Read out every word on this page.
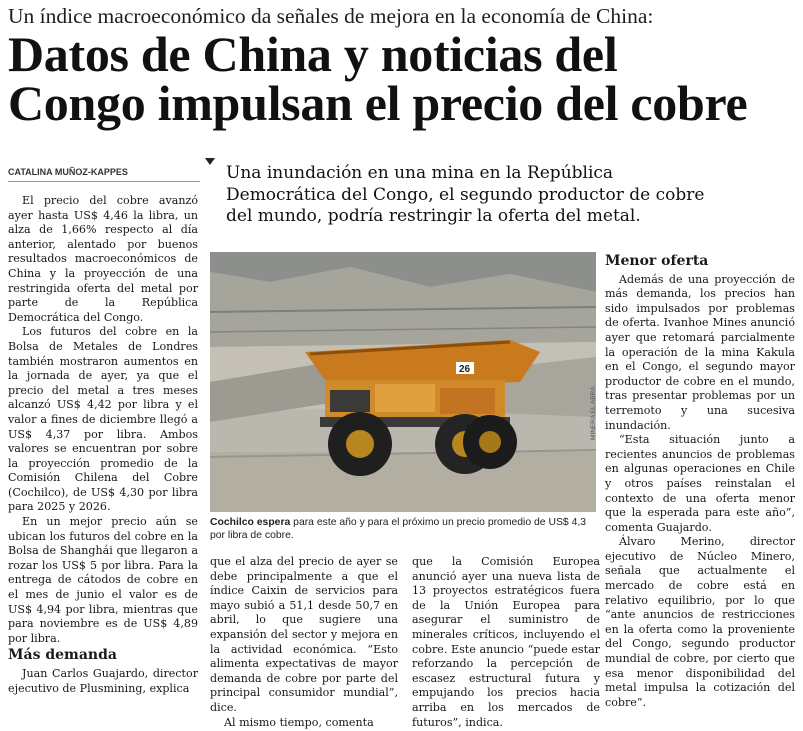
Un índice macroeconómico da señales de mejora en la economía de China:
Datos de China y noticias del
Congo impulsan el precio del cobre
CATALINA MUÑOZ-KAPPES	Una inundación en una mina en la República
Democrática del Congo, el segundo productor de cobre
del mundo, podría restringir la oferta del metal.

El precio del cobre avanzó ayer hasta US$ 4,46 la libra, un alza de 1,66% respecto al día anterior, alentado por buenos resultados macroeconómicos de China y la proyección de una restringida oferta del metal por parte de la República Democrática del Congo.

Los futuros del cobre en la Bolsa de Metales de Londres también mostraron aumentos en la jornada de ayer, ya que el precio del metal a tres meses alcanzó US$ 4,42 por libra y el valor a fines de diciembre llegó a US$ 4,37 por libra. Ambos valores se encuentran por sobre la proyección promedio de la Comisión Chilena del Cobre (Cochilco), de US$ 4,30 por libra para 2025 y 2026.

En un mejor precio aún se ubican los futuros del cobre en la Bolsa de Shanghái que llegaron a rozar los US$ 5 por libra. Para la entrega de cátodos de cobre en el mes de junio el valor es de US$ 4,94 por libra, mientras que para noviembre es de US$ 4,89 por libra.

Más demanda

Juan Carlos Guajardo, director ejecutivo de Plusmining, explica

26
MINERA EL ABRA
Cochilco espera para este año y para el próximo un precio promedio de US$ 4,3 por libra de cobre.

que el alza del precio de ayer se debe principalmente a que el índice Caixin de servicios para mayo subió a 51,1 desde 50,7 en abril, lo que sugiere una expansión del sector y mejora en la actividad económica. “Esto alimenta expectativas de mayor demanda de cobre por parte del principal consumidor mundial”, dice.

Al mismo tiempo, comenta

que la Comisión Europea anunció ayer una nueva lista de 13 proyectos estratégicos fuera de la Unión Europea para asegurar el suministro de minerales críticos, incluyendo el cobre. Este anuncio “puede estar reforzando la percepción de escasez estructural futura y empujando los precios hacia arriba en los mercados de futuros”, indica.

Menor oferta

Además de una proyección de más demanda, los precios han sido impulsados por problemas de oferta. Ivanhoe Mines anunció ayer que retomará parcialmente la operación de la mina Kakula en el Congo, el segundo mayor productor de cobre en el mundo, tras presentar problemas por un terremoto y una sucesiva inundación.

“Esta situación junto a recientes anuncios de problemas en algunas operaciones en Chile y otros países reinstalan el contexto de una oferta menor que la esperada para este año”, comenta Guajardo.

Álvaro Merino, director ejecutivo de Núcleo Minero, señala que actualmente el mercado de cobre está en relativo equilibrio, por lo que “ante anuncios de restricciones en la oferta como la proveniente del Congo, segundo productor mundial de cobre, por cierto que esa menor disponibilidad del metal impulsa la cotización del cobre”.
